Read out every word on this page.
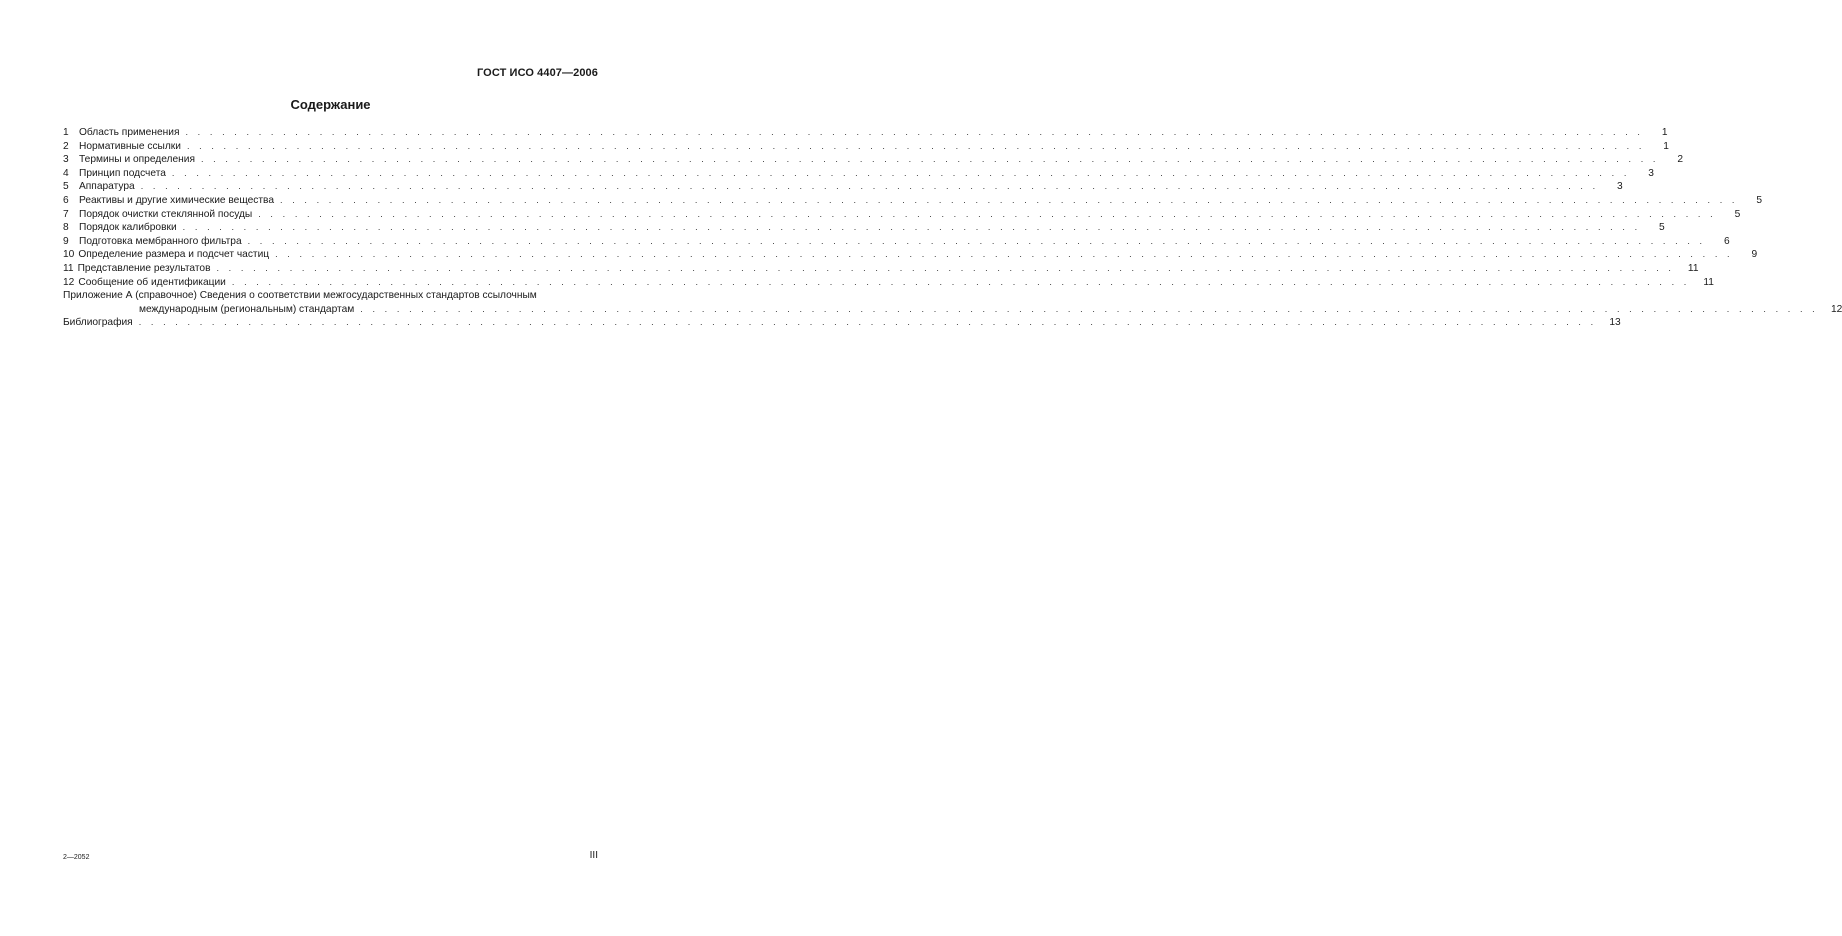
ГОСТ ИСО 4407—2006
Содержание
1	Область применения . . . . . . . . . . . . . . . . . . . . . . . . . . . . . . . . . . . . . . . . . . . . . . . . . . . . . . . . . . . . . . . . . . . . . . . . . . . . . . . . . . . . . . . . . . . . . . . . . . . . . . . . . . . . . . . . . . . . . . . .	1
2	Нормативные ссылки . . . . . . . . . . . . . . . . . . . . . . . . . . . . . . . . . . . . . . . . . . . . . . . . . . . . . . . . . . . . . . . . . . . . . . . . . . . . . . . . . . . . . . . . . . . . . . . . . . . . . . . . . . . . . . . . . . . . . . . .	1
3	Термины и определения . . . . . . . . . . . . . . . . . . . . . . . . . . . . . . . . . . . . . . . . . . . . . . . . . . . . . . . . . . . . . . . . . . . . . . . . . . . . . . . . . . . . . . . . . . . . . . . . . . . . . . . . . . . . . . . . . . . . . . . .	2
4	Принцип подсчета . . . . . . . . . . . . . . . . . . . . . . . . . . . . . . . . . . . . . . . . . . . . . . . . . . . . . . . . . . . . . . . . . . . . . . . . . . . . . . . . . . . . . . . . . . . . . . . . . . . . . . . . . . . . . . . . . . . . . . . .	3
5	Аппаратура . . . . . . . . . . . . . . . . . . . . . . . . . . . . . . . . . . . . . . . . . . . . . . . . . . . . . . . . . . . . . . . . . . . . . . . . . . . . . . . . . . . . . . . . . . . . . . . . . . . . . . . . . . . . . . . . . . . . . . . .	3
6	Реактивы и другие химические вещества . . . . . . . . . . . . . . . . . . . . . . . . . . . . . . . . . . . . . . . . . . . . . . . . . . . . . . . . . . . . . . . . . . . . . . . . . . . . . . . . . . . . . . . . . . . . . . . . . . . . . . . . . . . . . . . . . . . . . . . .	5
7	Порядок очистки стеклянной посуды . . . . . . . . . . . . . . . . . . . . . . . . . . . . . . . . . . . . . . . . . . . . . . . . . . . . . . . . . . . . . . . . . . . . . . . . . . . . . . . . . . . . . . . . . . . . . . . . . . . . . . . . . . . . . . . . . . . . . . . .	5
8	Порядок калибровки . . . . . . . . . . . . . . . . . . . . . . . . . . . . . . . . . . . . . . . . . . . . . . . . . . . . . . . . . . . . . . . . . . . . . . . . . . . . . . . . . . . . . . . . . . . . . . . . . . . . . . . . . . . . . . . . . . . . . . . .	5
9	Подготовка мембранного фильтра . . . . . . . . . . . . . . . . . . . . . . . . . . . . . . . . . . . . . . . . . . . . . . . . . . . . . . . . . . . . . . . . . . . . . . . . . . . . . . . . . . . . . . . . . . . . . . . . . . . . . . . . . . . . . . . . . . . . . . . .	6
10 Определение размера и подсчет частиц . . . . . . . . . . . . . . . . . . . . . . . . . . . . . . . . . . . . . . . . . . . . . . . . . . . . . . . . . . . . . . . . . . . . . . . . . . . . . . . . . . . . . . . . . . . . . . . . . . . . . . . . . . . . . . . . . . . . . . . .	9
11 Представление результатов . . . . . . . . . . . . . . . . . . . . . . . . . . . . . . . . . . . . . . . . . . . . . . . . . . . . . . . . . . . . . . . . . . . . . . . . . . . . . . . . . . . . . . . . . . . . . . . . . . . . . . . . . . . . . . . . . . . . . . . .	11
12 Сообщение об идентификации . . . . . . . . . . . . . . . . . . . . . . . . . . . . . . . . . . . . . . . . . . . . . . . . . . . . . . . . . . . . . . . . . . . . . . . . . . . . . . . . . . . . . . . . . . . . . . . . . . . . . . . . . . . . . . . . . . . . . . . .	11
Приложение А (справочное) Сведения о соответствии межгосударственных стандартов ссылочным
международным (региональным) стандартам . . . . . . . . . . . . . . . . . . . . . . . . . . . . . . . . . . . . . . . . . . . . . . . . . . . . . . . . . . . . . . . . . . . . . . . . . . . . . . . . . . . . . . . . . . . . . . . . . . . . . . . . . . . . . . . . . . . . . . . .	12
Библиография . . . . . . . . . . . . . . . . . . . . . . . . . . . . . . . . . . . . . . . . . . . . . . . . . . . . . . . . . . . . . . . . . . . . . . . . . . . . . . . . . . . . . . . . . . . . . . . . . . . . . . . . . . . . . . . . . . . . . . . .	13
2—2052	III
